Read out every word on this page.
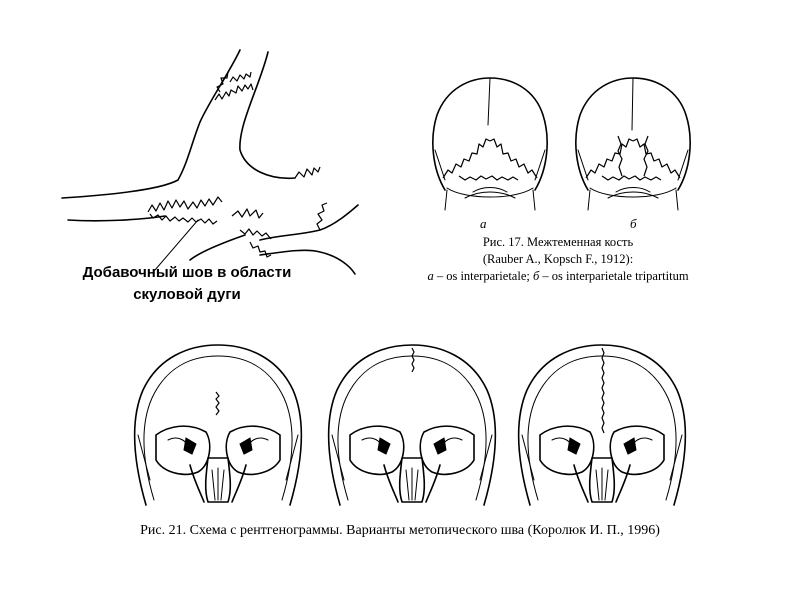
Добавочный шов в области
скуловой дуги
а	б
Рис. 17. Межтеменная кость
(Rauber A., Kopsch F., 1912):
а – os interparietale; б – os interparietale tripartitum
Рис. 21. Схема с рентгенограммы. Варианты метопического шва (Королюк И. П., 1996)
